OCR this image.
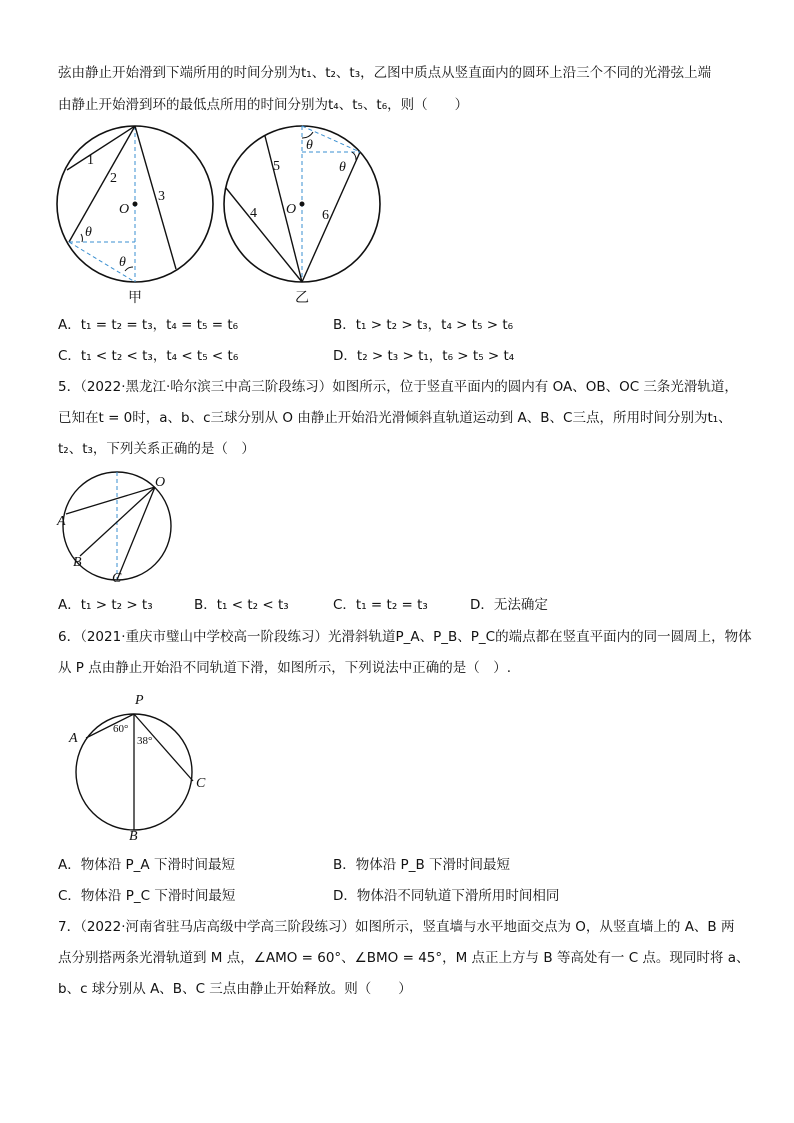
弦由静止开始滑到下端所用的时间分别为t₁、t₂、t₃，乙图中质点从竖直面内的圆环上沿三个不同的光滑弦上端
由静止开始滑到环的最低点所用的时间分别为t₄、t₅、t₆，则（　　）
1
2
3
O
θ
θ
甲
4
5
6
O
θ
θ
乙
A．t₁ = t₂ = t₃，t₄ = t₅ = t₆	B．t₁ > t₂ > t₃，t₄ > t₅ > t₆
C．t₁ < t₂ < t₃，t₄ < t₅ < t₆	D．t₂ > t₃ > t₁，t₆ > t₅ > t₄
5．（2022·黑龙江·哈尔滨三中高三阶段练习）如图所示，位于竖直平面内的圆内有 OA、OB、OC 三条光滑轨道，
已知在t = 0时，a、b、c三球分别从 O 由静止开始沿光滑倾斜直轨道运动到 A、B、C三点，所用时间分别为t₁、
t₂、t₃，下列关系正确的是（　）
O
A
B
C
A．t₁ > t₂ > t₃	B．t₁ < t₂ < t₃	C．t₁ = t₂ = t₃	D．无法确定
6．（2021·重庆市璧山中学校高一阶段练习）光滑斜轨道P_A、P_B、P_C的端点都在竖直平面内的同一圆周上，物体
从 P 点由静止开始沿不同轨道下滑，如图所示，下列说法中正确的是（　）.
P
A
B
C
60°
38°
A．物体沿 P_A 下滑时间最短	B．物体沿 P_B 下滑时间最短
C．物体沿 P_C 下滑时间最短	D．物体沿不同轨道下滑所用时间相同
7．（2022·河南省驻马店高级中学高三阶段练习）如图所示，竖直墙与水平地面交点为 O，从竖直墙上的 A、B 两
点分别搭两条光滑轨道到 M 点，∠AMO = 60°、∠BMO = 45°，M 点正上方与 B 等高处有一 C 点。现同时将 a、
b、c 球分别从 A、B、C 三点由静止开始释放。则（　　）
